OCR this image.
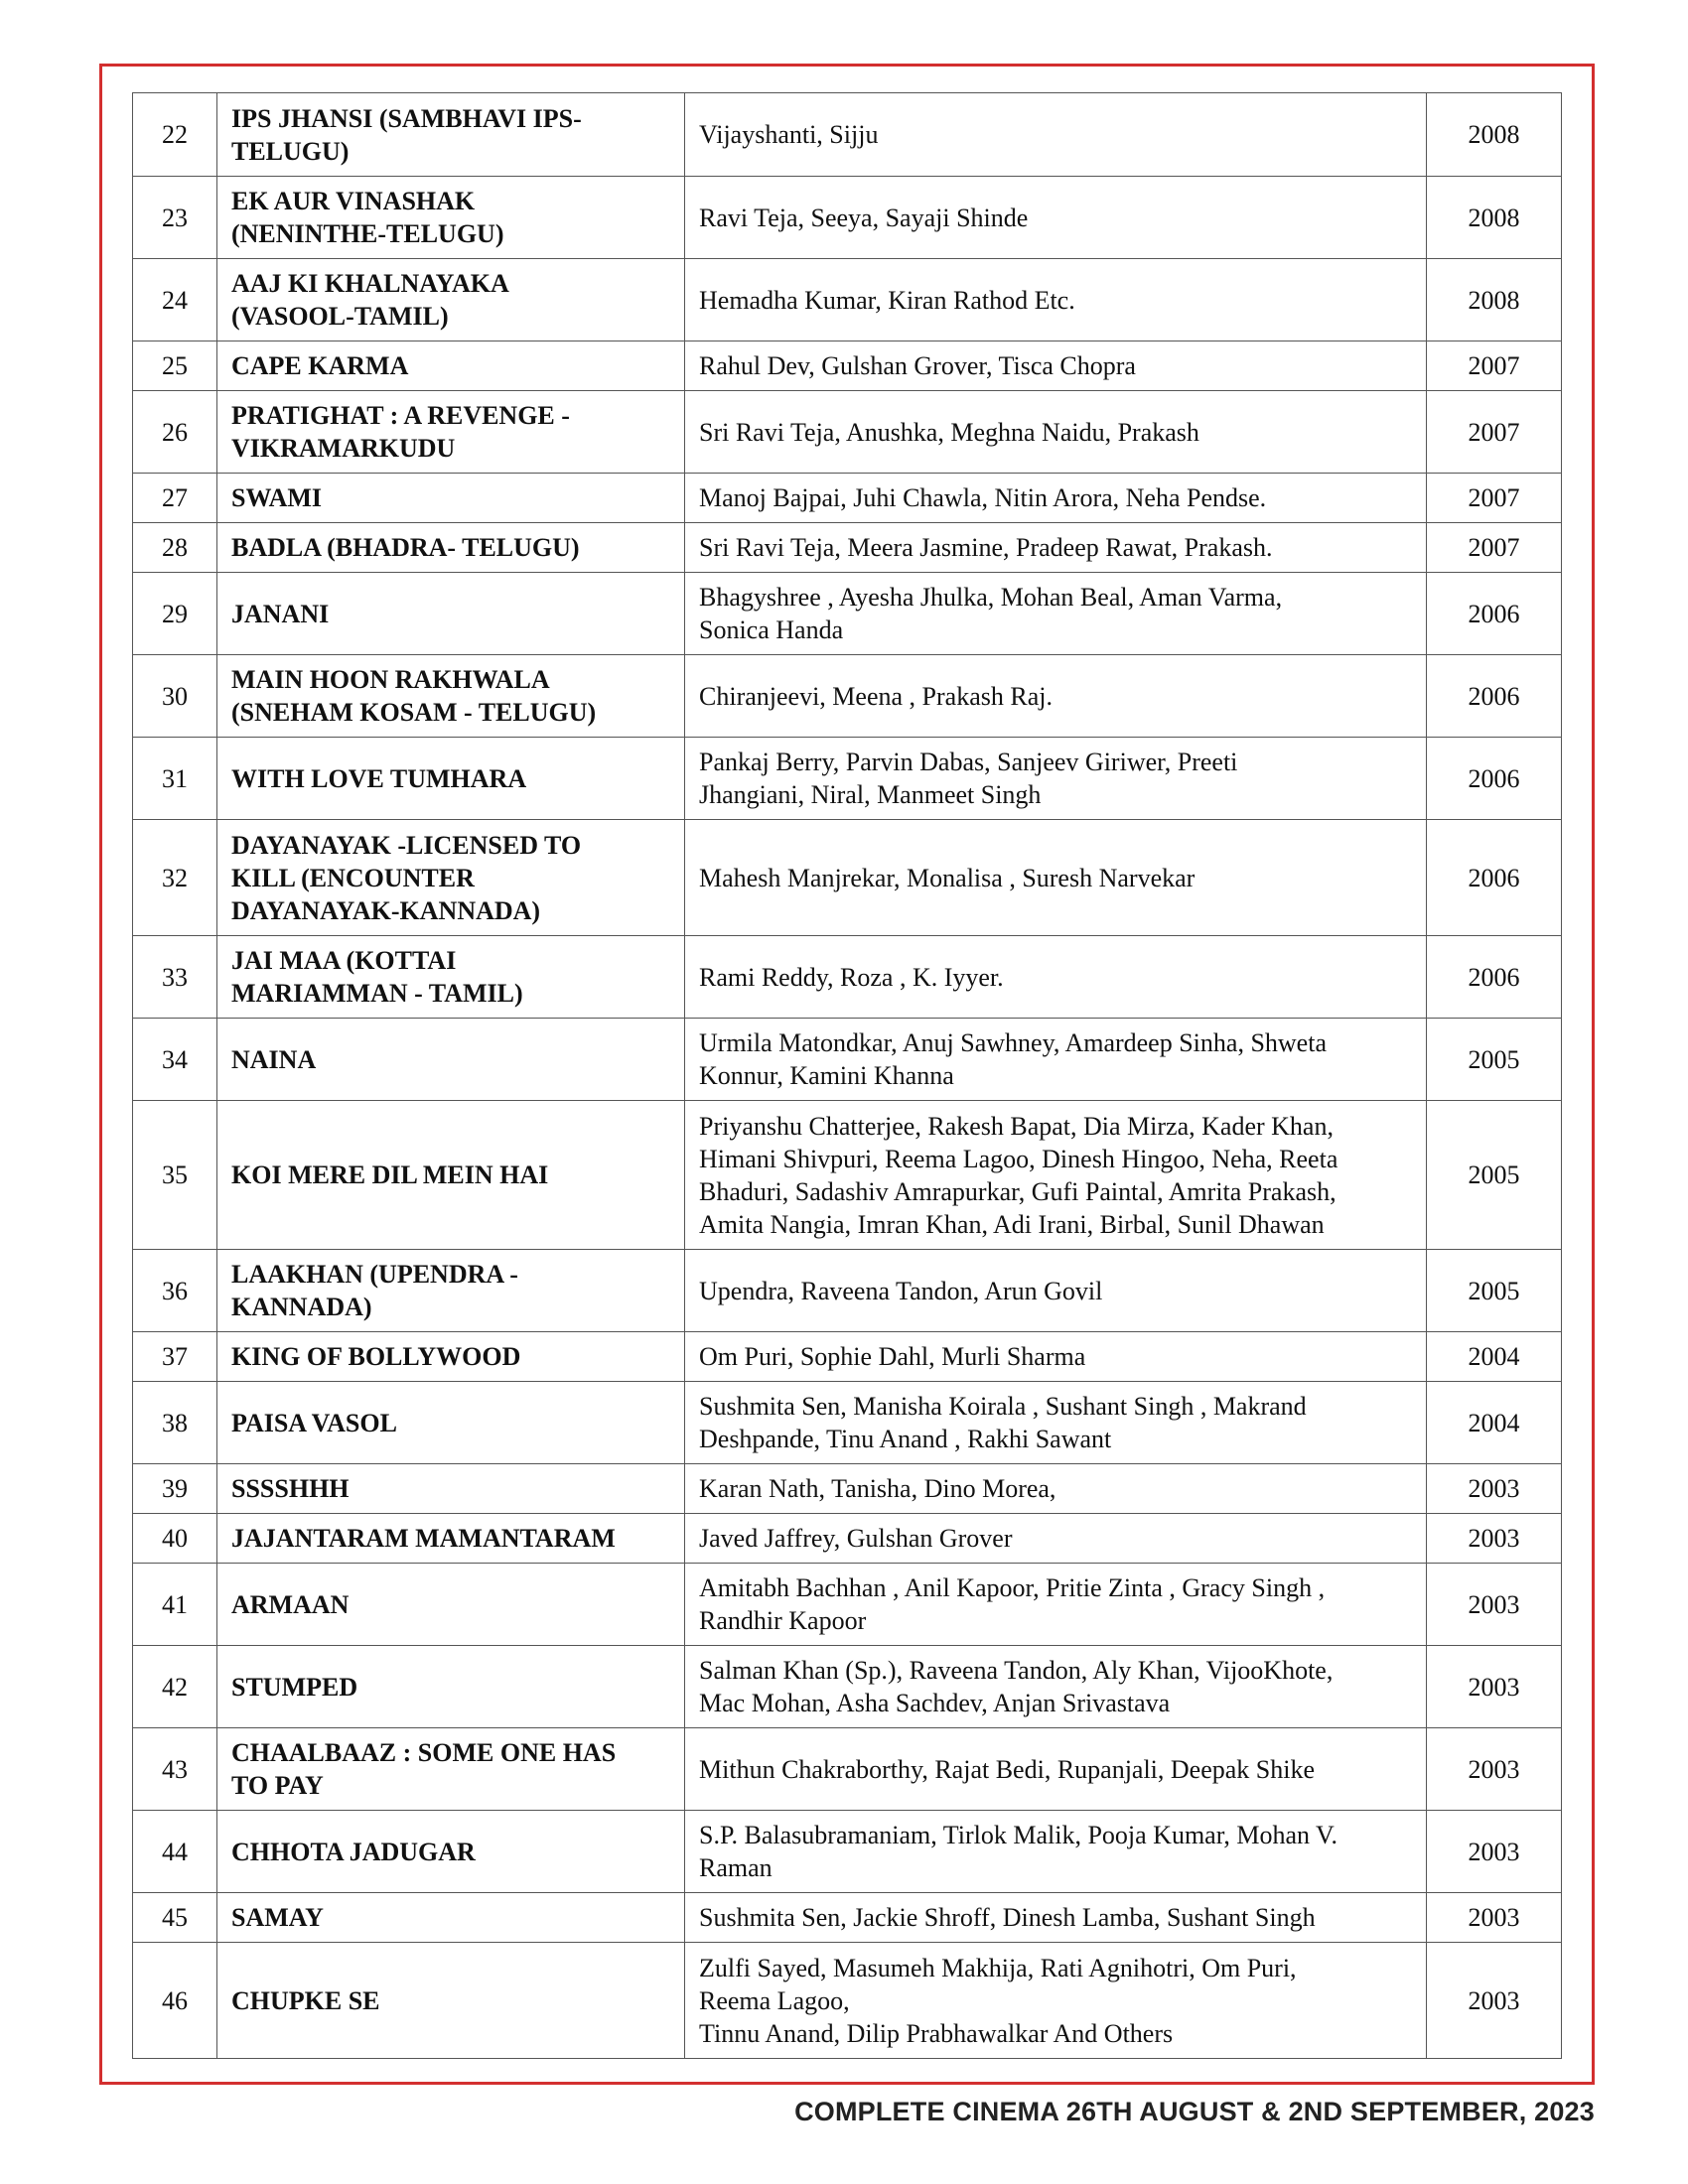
22	IPS JHANSI (SAMBHAVI IPS-
TELUGU)	Vijayshanti, Sijju	2008
23	EK AUR VINASHAK
(NENINTHE-TELUGU)	Ravi Teja, Seeya, Sayaji Shinde	2008
24	AAJ KI KHALNAYAKA
(VASOOL-TAMIL)	Hemadha Kumar, Kiran Rathod Etc.	2008
25	CAPE KARMA	Rahul Dev, Gulshan Grover, Tisca Chopra	2007
26	PRATIGHAT : A REVENGE -
VIKRAMARKUDU	Sri Ravi Teja, Anushka, Meghna Naidu, Prakash	2007
27	SWAMI	Manoj Bajpai, Juhi Chawla, Nitin Arora, Neha Pendse.	2007
28	BADLA (BHADRA- TELUGU)	Sri Ravi Teja, Meera Jasmine, Pradeep Rawat, Prakash.	2007
29	JANANI	Bhagyshree , Ayesha Jhulka, Mohan Beal, Aman Varma,
Sonica Handa	2006
30	MAIN HOON RAKHWALA
(SNEHAM KOSAM - TELUGU)	Chiranjeevi, Meena , Prakash Raj.	2006
31	WITH LOVE TUMHARA	Pankaj Berry, Parvin Dabas, Sanjeev Giriwer, Preeti
Jhangiani, Niral, Manmeet Singh	2006
32	DAYANAYAK -LICENSED TO
KILL (ENCOUNTER
DAYANAYAK-KANNADA)	Mahesh Manjrekar, Monalisa , Suresh Narvekar	2006
33	JAI MAA (KOTTAI
MARIAMMAN - TAMIL)	Rami Reddy, Roza , K. Iyyer.	2006
34	NAINA	Urmila Matondkar, Anuj Sawhney, Amardeep Sinha, Shweta
Konnur, Kamini Khanna	2005
35	KOI MERE DIL MEIN HAI	Priyanshu Chatterjee, Rakesh Bapat, Dia Mirza, Kader Khan,
Himani Shivpuri, Reema Lagoo, Dinesh Hingoo, Neha, Reeta
Bhaduri, Sadashiv Amrapurkar, Gufi Paintal, Amrita Prakash,
Amita Nangia, Imran Khan, Adi Irani, Birbal, Sunil Dhawan	2005
36	LAAKHAN (UPENDRA -
KANNADA)	Upendra, Raveena Tandon, Arun Govil	2005
37	KING OF BOLLYWOOD	Om Puri, Sophie Dahl, Murli Sharma	2004
38	PAISA VASOL	Sushmita Sen, Manisha Koirala , Sushant Singh , Makrand
Deshpande, Tinu Anand , Rakhi Sawant	2004
39	SSSSHHH	Karan Nath, Tanisha, Dino Morea,	2003
40	JAJANTARAM MAMANTARAM	Javed Jaffrey, Gulshan Grover	2003
41	ARMAAN	Amitabh Bachhan , Anil Kapoor, Pritie Zinta , Gracy Singh ,
Randhir Kapoor	2003
42	STUMPED	Salman Khan (Sp.), Raveena Tandon, Aly Khan, VijooKhote,
Mac Mohan, Asha Sachdev, Anjan Srivastava	2003
43	CHAALBAAZ : SOME ONE HAS
TO PAY	Mithun Chakraborthy, Rajat Bedi, Rupanjali, Deepak Shike	2003
44	CHHOTA JADUGAR	S.P. Balasubramaniam, Tirlok Malik, Pooja Kumar, Mohan V.
Raman	2003
45	SAMAY	Sushmita Sen, Jackie Shroff, Dinesh Lamba, Sushant Singh	2003
46	CHUPKE SE	Zulfi Sayed, Masumeh Makhija, Rati Agnihotri, Om Puri,
Reema Lagoo,
Tinnu Anand, Dilip Prabhawalkar And Others	2003
COMPLETE CINEMA 26TH AUGUST & 2ND SEPTEMBER, 2023
